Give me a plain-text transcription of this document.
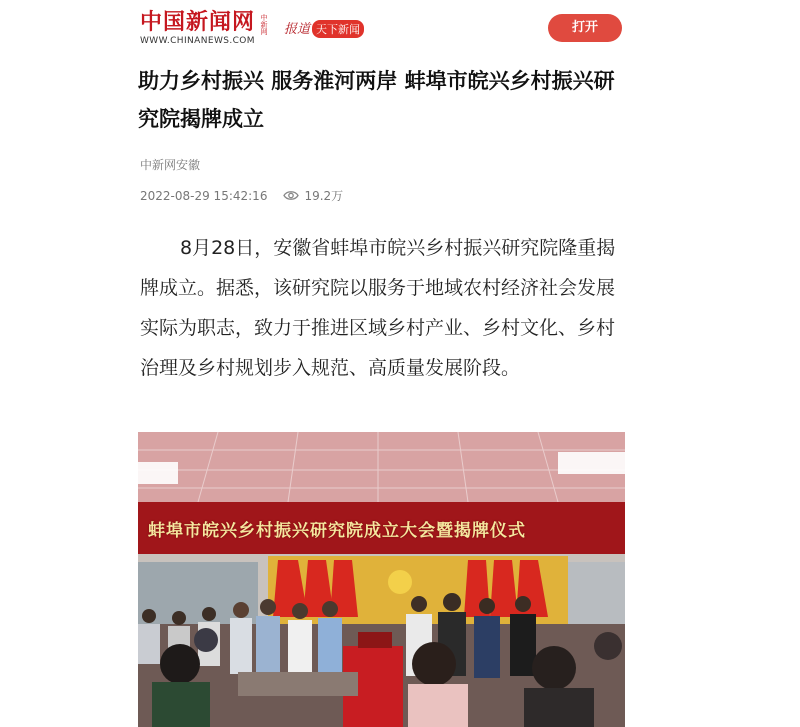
中国新闻网 中新网
WWW.CHINANEWS.COM
报道 天下新闻	打开
助力乡村振兴 服务淮河两岸 蚌埠市皖兴乡村振兴研究院揭牌成立
中新网安徽
2022-08-29 15:42:16	19.2万

8月28日，安徽省蚌埠市皖兴乡村振兴研究院隆重揭牌成立。据悉，该研究院以服务于地域农村经济社会发展实际为职志，致力于推进区域乡村产业、乡村文化、乡村治理及乡村规划步入规范、高质量发展阶段。

蚌埠市皖兴乡村振兴研究院成立大会暨揭牌仪式
